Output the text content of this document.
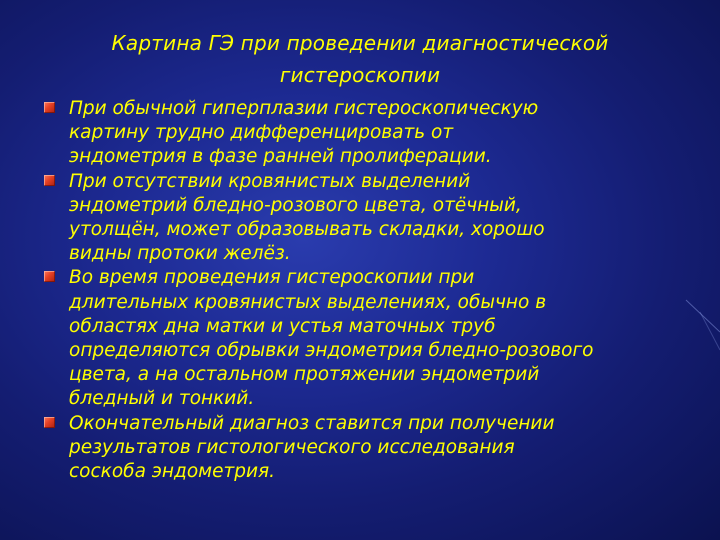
Картина ГЭ при проведении диагностической
гистероскопии
При обычной гиперплазии гистероскопическую
картину трудно дифференцировать от
эндометрия в фазе ранней пролиферации.
При отсутствии кровянистых выделений
эндометрий бледно-розового цвета, отёчный,
утолщён, может образовывать складки, хорошо
видны протоки желёз.
Во время проведения гистероскопии при
длительных кровянистых выделениях, обычно в
областях дна матки и устья маточных труб
определяются обрывки эндометрия бледно-розового
цвета, а на остальном протяжении эндометрий
бледный и тонкий.
Окончательный диагноз ставится при получении
результатов гистологического исследования
соскоба эндометрия.
